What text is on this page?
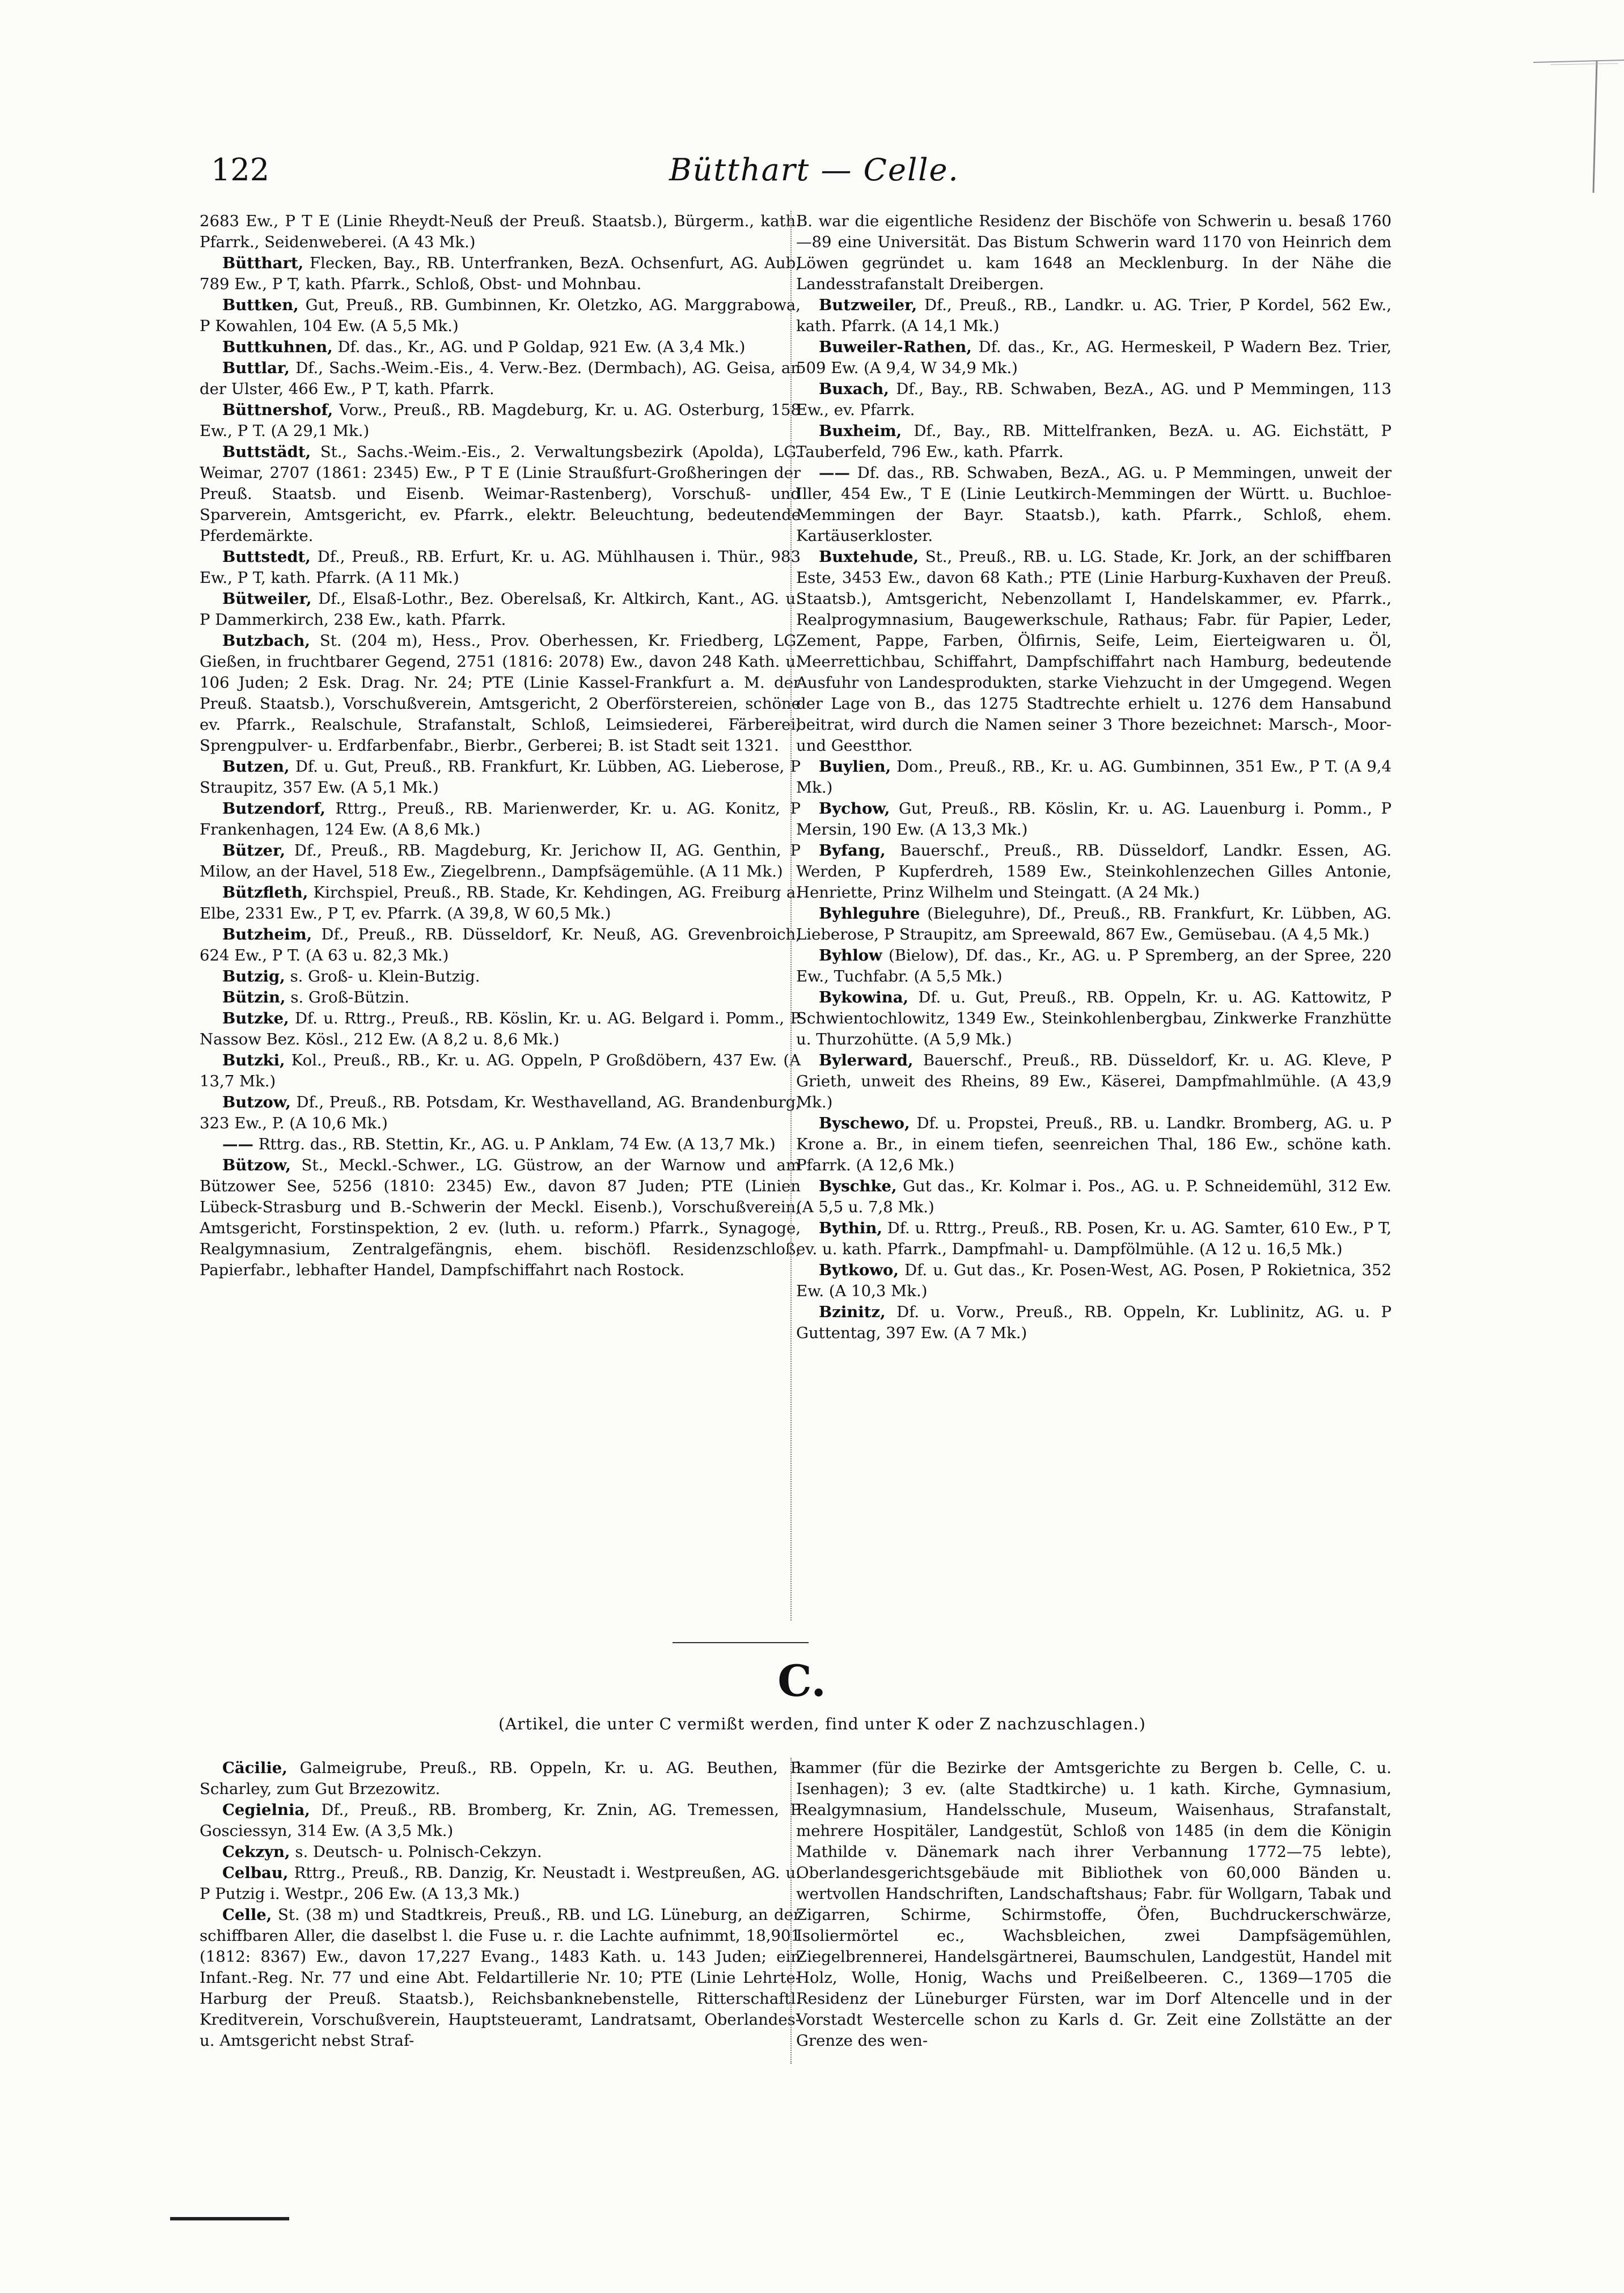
122	Bütthart — Celle.

2683 Ew., P T E (Linie Rheydt-Neuß der Preuß. Staatsb.), Bürgerm., kath. Pfarrk., Seidenweberei. (A 43 Mk.)

Bütthart, Flecken, Bay., RB. Unterfranken, BezA. Ochsenfurt, AG. Aub, 789 Ew., P T, kath. Pfarrk., Schloß, Obst- und Mohnbau.

Buttken, Gut, Preuß., RB. Gumbinnen, Kr. Oletzko, AG. Marggrabowa, P Kowahlen, 104 Ew. (A 5,5 Mk.)

Buttkuhnen, Df. das., Kr., AG. und P Goldap, 921 Ew. (A 3,4 Mk.)

Buttlar, Df., Sachs.-Weim.-Eis., 4. Verw.-Bez. (Dermbach), AG. Geisa, an der Ulster, 466 Ew., P T, kath. Pfarrk.

Büttnershof, Vorw., Preuß., RB. Magdeburg, Kr. u. AG. Osterburg, 158 Ew., P T. (A 29,1 Mk.)

Buttstädt, St., Sachs.-Weim.-Eis., 2. Verwaltungsbezirk (Apolda), LG. Weimar, 2707 (1861: 2345) Ew., P T E (Linie Straußfurt-Großheringen der Preuß. Staatsb. und Eisenb. Weimar-Rastenberg), Vorschuß- und Sparverein, Amtsgericht, ev. Pfarrk., elektr. Beleuchtung, bedeutende Pferdemärkte.

Buttstedt, Df., Preuß., RB. Erfurt, Kr. u. AG. Mühlhausen i. Thür., 983 Ew., P T, kath. Pfarrk. (A 11 Mk.)

Bütweiler, Df., Elsaß-Lothr., Bez. Oberelsaß, Kr. Altkirch, Kant., AG. u. P Dammerkirch, 238 Ew., kath. Pfarrk.

Butzbach, St. (204 m), Hess., Prov. Oberhessen, Kr. Friedberg, LG. Gießen, in fruchtbarer Gegend, 2751 (1816: 2078) Ew., davon 248 Kath. u. 106 Juden; 2 Esk. Drag. Nr. 24; PTE (Linie Kassel-Frankfurt a. M. der Preuß. Staatsb.), Vorschußverein, Amtsgericht, 2 Oberförstereien, schöne ev. Pfarrk., Realschule, Strafanstalt, Schloß, Leimsiederei, Färberei, Sprengpulver- u. Erdfarbenfabr., Bierbr., Gerberei; B. ist Stadt seit 1321.

Butzen, Df. u. Gut, Preuß., RB. Frankfurt, Kr. Lübben, AG. Lieberose, P Straupitz, 357 Ew. (A 5,1 Mk.)

Butzendorf, Rttrg., Preuß., RB. Marienwerder, Kr. u. AG. Konitz, P Frankenhagen, 124 Ew. (A 8,6 Mk.)

Bützer, Df., Preuß., RB. Magdeburg, Kr. Jerichow II, AG. Genthin, P Milow, an der Havel, 518 Ew., Ziegelbrenn., Dampfsägemühle. (A 11 Mk.)

Bützfleth, Kirchspiel, Preuß., RB. Stade, Kr. Kehdingen, AG. Freiburg a. Elbe, 2331 Ew., P T, ev. Pfarrk. (A 39,8, W 60,5 Mk.)

Butzheim, Df., Preuß., RB. Düsseldorf, Kr. Neuß, AG. Grevenbroich, 624 Ew., P T. (A 63 u. 82,3 Mk.)

Butzig, s. Groß- u. Klein-Butzig.

Bützin, s. Groß-Bützin.

Butzke, Df. u. Rttrg., Preuß., RB. Köslin, Kr. u. AG. Belgard i. Pomm., P Nassow Bez. Kösl., 212 Ew. (A 8,2 u. 8,6 Mk.)

Butzki, Kol., Preuß., RB., Kr. u. AG. Oppeln, P Großdöbern, 437 Ew. (A 13,7 Mk.)

Butzow, Df., Preuß., RB. Potsdam, Kr. Westhavelland, AG. Brandenburg, 323 Ew., P. (A 10,6 Mk.)

—— Rttrg. das., RB. Stettin, Kr., AG. u. P Anklam, 74 Ew. (A 13,7 Mk.)

Bützow, St., Meckl.-Schwer., LG. Güstrow, an der Warnow und am Bützower See, 5256 (1810: 2345) Ew., davon 87 Juden; PTE (Linien Lübeck-Strasburg und B.-Schwerin der Meckl. Eisenb.), Vorschußverein, Amtsgericht, Forstinspektion, 2 ev. (luth. u. reform.) Pfarrk., Synagoge, Realgymnasium, Zentralgefängnis, ehem. bischöfl. Residenzschloß, Papierfabr., lebhafter Handel, Dampfschiffahrt nach Rostock.

B. war die eigentliche Residenz der Bischöfe von Schwerin u. besaß 1760—89 eine Universität. Das Bistum Schwerin ward 1170 von Heinrich dem Löwen gegründet u. kam 1648 an Mecklenburg. In der Nähe die Landesstrafanstalt Dreibergen.

Butzweiler, Df., Preuß., RB., Landkr. u. AG. Trier, P Kordel, 562 Ew., kath. Pfarrk. (A 14,1 Mk.)

Buweiler-Rathen, Df. das., Kr., AG. Hermeskeil, P Wadern Bez. Trier, 509 Ew. (A 9,4, W 34,9 Mk.)

Buxach, Df., Bay., RB. Schwaben, BezA., AG. und P Memmingen, 113 Ew., ev. Pfarrk.

Buxheim, Df., Bay., RB. Mittelfranken, BezA. u. AG. Eichstätt, P Tauberfeld, 796 Ew., kath. Pfarrk.

—— Df. das., RB. Schwaben, BezA., AG. u. P Memmingen, unweit der Iller, 454 Ew., T E (Linie Leutkirch-Memmingen der Württ. u. Buchloe-Memmingen der Bayr. Staatsb.), kath. Pfarrk., Schloß, ehem. Kartäuserkloster.

Buxtehude, St., Preuß., RB. u. LG. Stade, Kr. Jork, an der schiffbaren Este, 3453 Ew., davon 68 Kath.; PTE (Linie Harburg-Kuxhaven der Preuß. Staatsb.), Amtsgericht, Nebenzollamt I, Handelskammer, ev. Pfarrk., Realprogymnasium, Baugewerkschule, Rathaus; Fabr. für Papier, Leder, Zement, Pappe, Farben, Ölfirnis, Seife, Leim, Eierteigwaren u. Öl, Meerrettichbau, Schiffahrt, Dampfschiffahrt nach Hamburg, bedeutende Ausfuhr von Landesprodukten, starke Viehzucht in der Umgegend. Wegen der Lage von B., das 1275 Stadtrechte erhielt u. 1276 dem Hansabund beitrat, wird durch die Namen seiner 3 Thore bezeichnet: Marsch-, Moor- und Geestthor.

Buylien, Dom., Preuß., RB., Kr. u. AG. Gumbinnen, 351 Ew., P T. (A 9,4 Mk.)

Bychow, Gut, Preuß., RB. Köslin, Kr. u. AG. Lauenburg i. Pomm., P Mersin, 190 Ew. (A 13,3 Mk.)

Byfang, Bauerschf., Preuß., RB. Düsseldorf, Landkr. Essen, AG. Werden, P Kupferdreh, 1589 Ew., Steinkohlenzechen Gilles Antonie, Henriette, Prinz Wilhelm und Steingatt. (A 24 Mk.)

Byhleguhre (Bieleguhre), Df., Preuß., RB. Frankfurt, Kr. Lübben, AG. Lieberose, P Straupitz, am Spreewald, 867 Ew., Gemüsebau. (A 4,5 Mk.)

Byhlow (Bielow), Df. das., Kr., AG. u. P Spremberg, an der Spree, 220 Ew., Tuchfabr. (A 5,5 Mk.)

Bykowina, Df. u. Gut, Preuß., RB. Oppeln, Kr. u. AG. Kattowitz, P Schwientochlowitz, 1349 Ew., Steinkohlenbergbau, Zinkwerke Franzhütte u. Thurzohütte. (A 5,9 Mk.)

Bylerward, Bauerschf., Preuß., RB. Düsseldorf, Kr. u. AG. Kleve, P Grieth, unweit des Rheins, 89 Ew., Käserei, Dampfmahlmühle. (A 43,9 Mk.)

Byschewo, Df. u. Propstei, Preuß., RB. u. Landkr. Bromberg, AG. u. P Krone a. Br., in einem tiefen, seenreichen Thal, 186 Ew., schöne kath. Pfarrk. (A 12,6 Mk.)

Byschke, Gut das., Kr. Kolmar i. Pos., AG. u. P. Schneidemühl, 312 Ew. (A 5,5 u. 7,8 Mk.)

Bythin, Df. u. Rttrg., Preuß., RB. Posen, Kr. u. AG. Samter, 610 Ew., P T, ev. u. kath. Pfarrk., Dampfmahl- u. Dampfölmühle. (A 12 u. 16,5 Mk.)

Bytkowo, Df. u. Gut das., Kr. Posen-West, AG. Posen, P Rokietnica, 352 Ew. (A 10,3 Mk.)

Bzinitz, Df. u. Vorw., Preuß., RB. Oppeln, Kr. Lublinitz, AG. u. P Guttentag, 397 Ew. (A 7 Mk.)

C.
(Artikel, die unter C vermißt werden, find unter K oder Z nachzuschlagen.)

Cäcilie, Galmeigrube, Preuß., RB. Oppeln, Kr. u. AG. Beuthen, P Scharley, zum Gut Brzezowitz.

Cegielnia, Df., Preuß., RB. Bromberg, Kr. Znin, AG. Tremessen, P Gosciessyn, 314 Ew. (A 3,5 Mk.)

Cekzyn, s. Deutsch- u. Polnisch-Cekzyn.

Celbau, Rttrg., Preuß., RB. Danzig, Kr. Neustadt i. Westpreußen, AG. u. P Putzig i. Westpr., 206 Ew. (A 13,3 Mk.)

Celle, St. (38 m) und Stadtkreis, Preuß., RB. und LG. Lüneburg, an der schiffbaren Aller, die daselbst l. die Fuse u. r. die Lachte aufnimmt, 18,901 (1812: 8367) Ew., davon 17,227 Evang., 1483 Kath. u. 143 Juden; ein Infant.-Reg. Nr. 77 und eine Abt. Feldartillerie Nr. 10; PTE (Linie Lehrte-Harburg der Preuß. Staatsb.), Reichsbanknebenstelle, Ritterschaftl. Kreditverein, Vorschußverein, Hauptsteueramt, Landratsamt, Oberlandes- u. Amtsgericht nebst Straf-

kammer (für die Bezirke der Amtsgerichte zu Bergen b. Celle, C. u. Isenhagen); 3 ev. (alte Stadtkirche) u. 1 kath. Kirche, Gymnasium, Realgymnasium, Handelsschule, Museum, Waisenhaus, Strafanstalt, mehrere Hospitäler, Landgestüt, Schloß von 1485 (in dem die Königin Mathilde v. Dänemark nach ihrer Verbannung 1772—75 lebte), Oberlandesgerichtsgebäude mit Bibliothek von 60,000 Bänden u. wertvollen Handschriften, Landschaftshaus; Fabr. für Wollgarn, Tabak und Zigarren, Schirme, Schirmstoffe, Öfen, Buchdruckerschwärze, Isoliermörtel ec., Wachsbleichen, zwei Dampfsägemühlen, Ziegelbrennerei, Handelsgärtnerei, Baumschulen, Landgestüt, Handel mit Holz, Wolle, Honig, Wachs und Preißelbeeren. C., 1369—1705 die Residenz der Lüneburger Fürsten, war im Dorf Altencelle und in der Vorstadt Westercelle schon zu Karls d. Gr. Zeit eine Zollstätte an der Grenze des wen-
